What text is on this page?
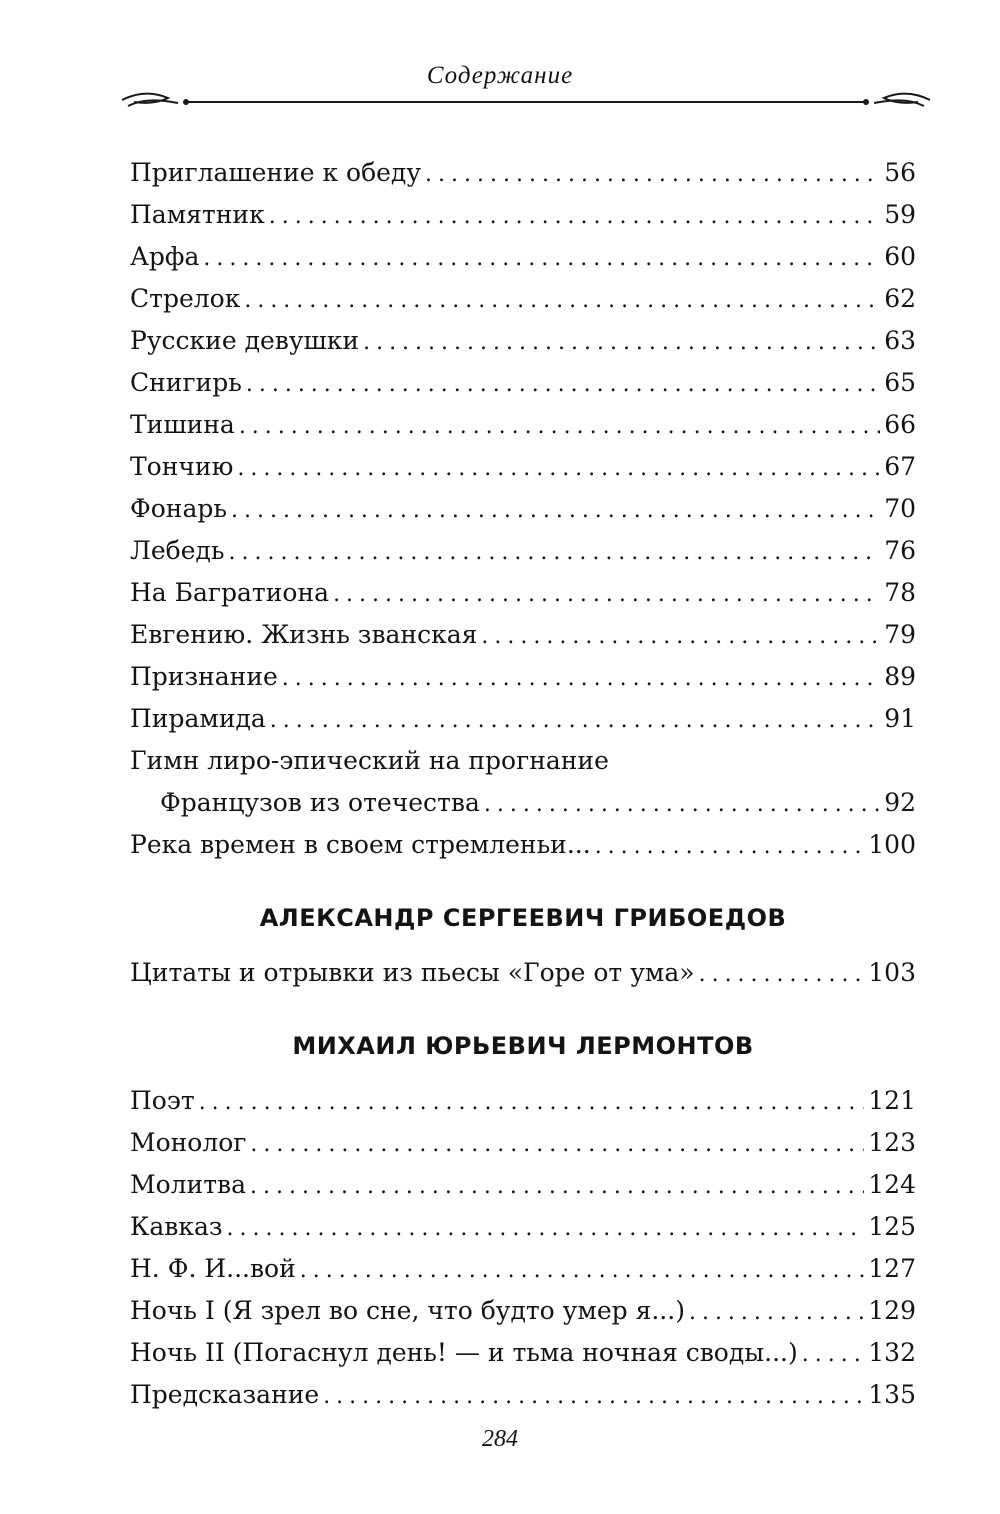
Содержание
Приглашение к обеду .....	56
Памятник .....	59
Арфа .....	60
Стрелок .....	62
Русские девушки .....	63
Снигирь .....	65
Тишина .....	66
Тончию .....	67
Фонарь .....	70
Лебедь .....	76
На Багратиона .....	78
Евгению. Жизнь званская .....	79
Признание .....	89
Пирамида .....	91
Гимн лиро-эпический на прогнание
Французов из отечества .....	92
Река времен в своем стремленьи... .....	100
АЛЕКСАНДР СЕРГЕЕВИЧ ГРИБОЕДОВ
Цитаты и отрывки из пьесы «Горе от ума» .....	103
МИХАИЛ ЮРЬЕВИЧ ЛЕРМОНТОВ
Поэт .....	121
Монолог .....	123
Молитва .....	124
Кавказ .....	125
Н. Ф. И...вой .....	127
Ночь I (Я зрел во сне, что будто умер я...) .....	129
Ночь II (Погаснул день! — и тьма ночная своды...) .....	132
Предсказание .....	135
284
